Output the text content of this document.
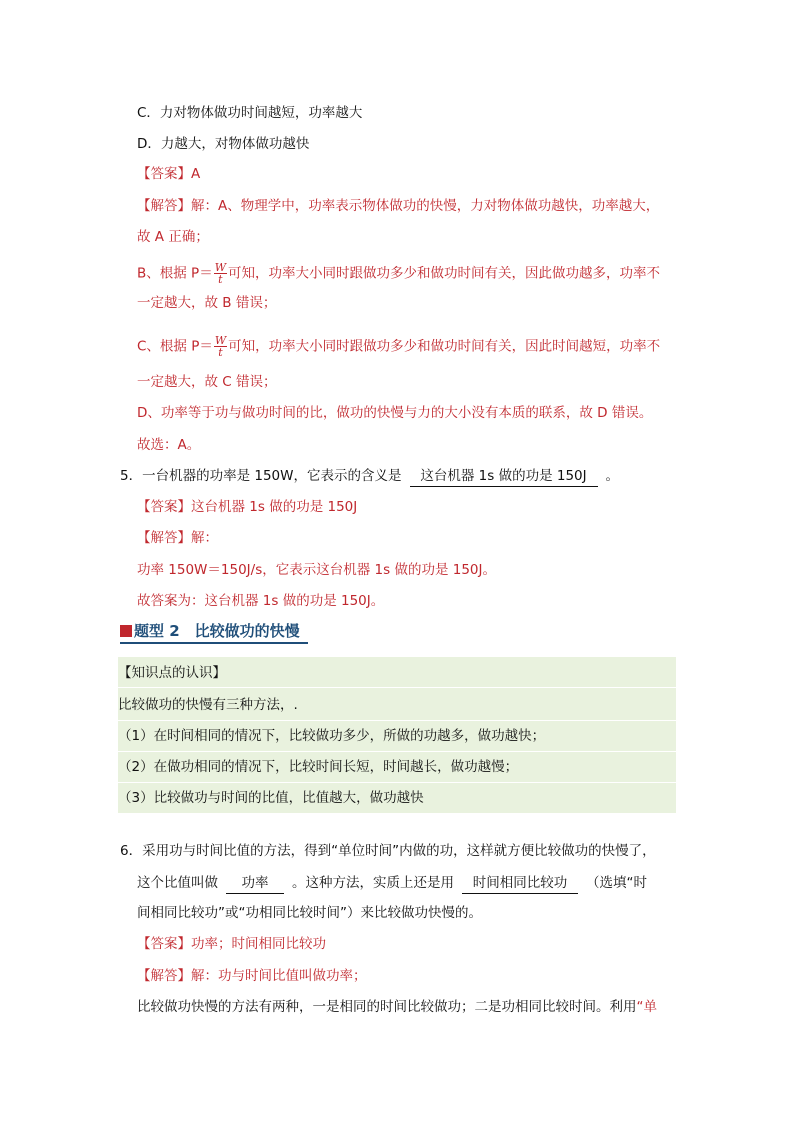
C．力对物体做功时间越短，功率越大
D．力越大，对物体做功越快
【答案】A
【解答】解：A、物理学中，功率表示物体做功的快慢，力对物体做功越快，功率越大，
故 A 正确；
B、根据 $P= \frac{W}{t}$ 可知，功率大小同时跟做功多少和做功时间有关，因此做功越多，功率不
一定越大，故 B 错误；
C、根据 $P= \frac{W}{t}$ 可知，功率大小同时跟做功多少和做功时间有关，因此时间越短，功率不
一定越大，故 C 错误；
D、功率等于功与做功时间的比，做功的快慢与力的大小没有本质的联系，故 D 错误。
故选：A。
5．一台机器的功率是 150W，它表示的含义是 这台机器 1s 做的功是 150J 。
【答案】这台机器 1s 做的功是 150J
【解答】解：
功率 150W＝150J/s，它表示这台机器 1s 做的功是 150J。
故答案为：这台机器 1s 做的功是 150J。
题型 2　比较做功的快慢
【知识点的认识】
比较做功的快慢有三种方法，.
（1）在时间相同的情况下，比较做功多少，所做的功越多，做功越快；
（2）在做功相同的情况下，比较时间长短，时间越长，做功越慢；
（3）比较做功与时间的比值，比值越大，做功越快
6．采用功与时间比值的方法，得到“单位时间”内做的功，这样就方便比较做功的快慢了，
这个比值叫做 功率 。这种方法，实质上还是用 时间相同比较功 （选填“时
间相同比较功”或“功相同比较时间”）来比较做功快慢的。
【答案】功率；时间相同比较功
【解答】解：功与时间比值叫做功率；
比较做功快慢的方法有两种，一是相同的时间比较做功；二是功相同比较时间。利用“单
